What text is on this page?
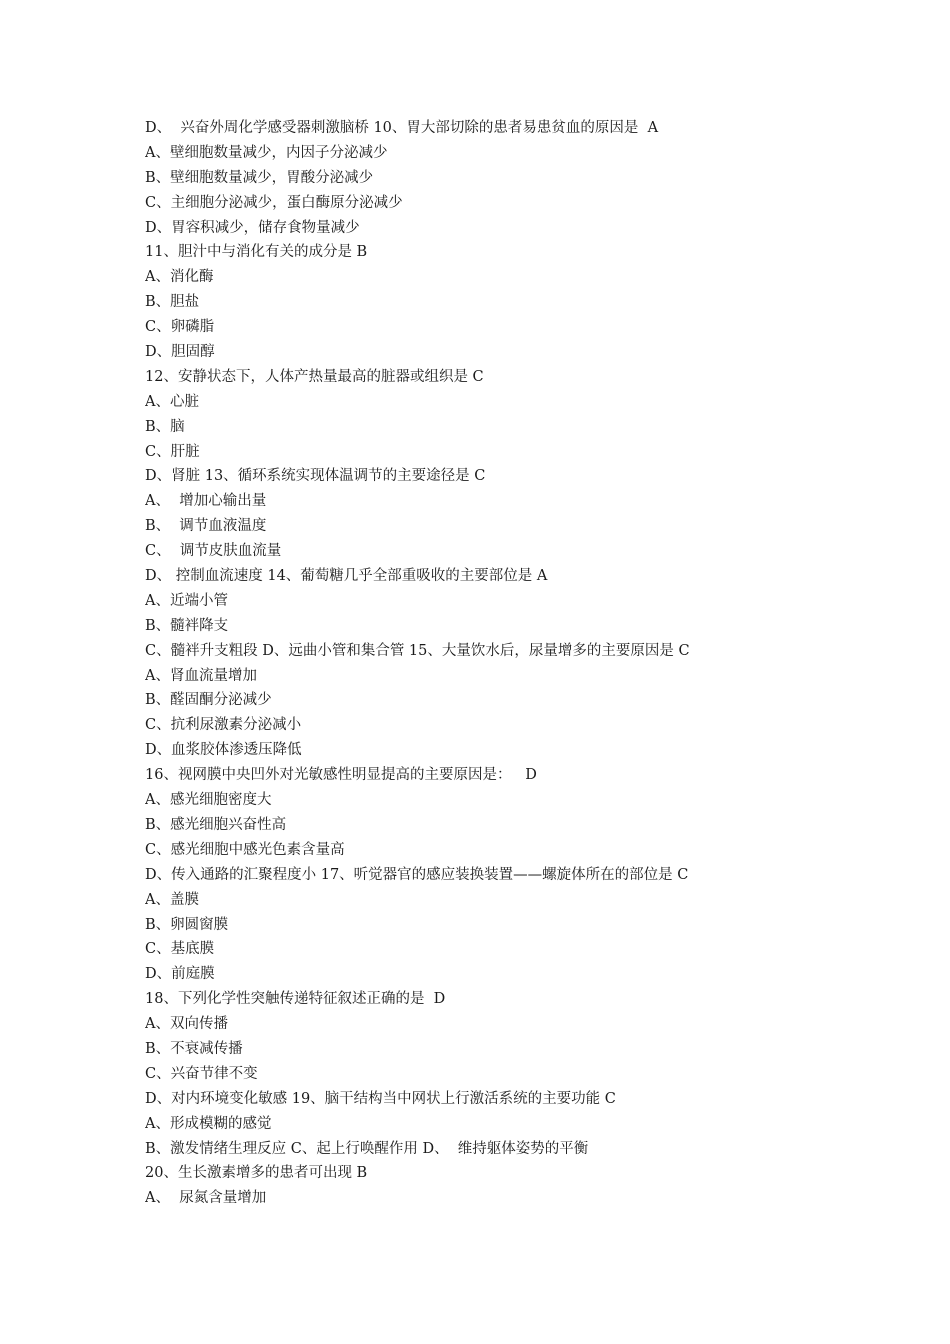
D、  兴奋外周化学感受器刺激脑桥 10、胃大部切除的患者易患贫血的原因是  A
A、壁细胞数量减少，内因子分泌减少
B、壁细胞数量减少，胃酸分泌减少
C、主细胞分泌减少，蛋白酶原分泌减少
D、胃容积减少，储存食物量减少
11、胆汁中与消化有关的成分是 B
A、消化酶
B、胆盐
C、卵磷脂
D、胆固醇
12、安静状态下，人体产热量最高的脏器或组织是 C
A、心脏
B、脑
C、肝脏
D、肾脏 13、循环系统实现体温调节的主要途径是 C
A、  增加心输出量
B、  调节血液温度
C、  调节皮肤血流量
D、 控制血流速度 14、葡萄糖几乎全部重吸收的主要部位是 A
A、近端小管
B、髓袢降支
C、髓袢升支粗段 D、远曲小管和集合管 15、大量饮水后，尿量增多的主要原因是 C
A、肾血流量增加
B、醛固酮分泌减少
C、抗利尿激素分泌减小
D、血浆胶体渗透压降低
16、视网膜中央凹外对光敏感性明显提高的主要原因是：   D
A、感光细胞密度大
B、感光细胞兴奋性高
C、感光细胞中感光色素含量高
D、传入通路的汇聚程度小 17、听觉器官的感应装换装置——螺旋体所在的部位是 C
A、盖膜
B、卵圆窗膜
C、基底膜
D、前庭膜
18、下列化学性突触传递特征叙述正确的是  D
A、双向传播
B、不衰减传播
C、兴奋节律不变
D、对内环境变化敏感 19、脑干结构当中网状上行激活系统的主要功能 C
A、形成模糊的感觉
B、激发情绪生理反应 C、起上行唤醒作用 D、  维持躯体姿势的平衡
20、生长激素增多的患者可出现 B
A、  尿氮含量增加
